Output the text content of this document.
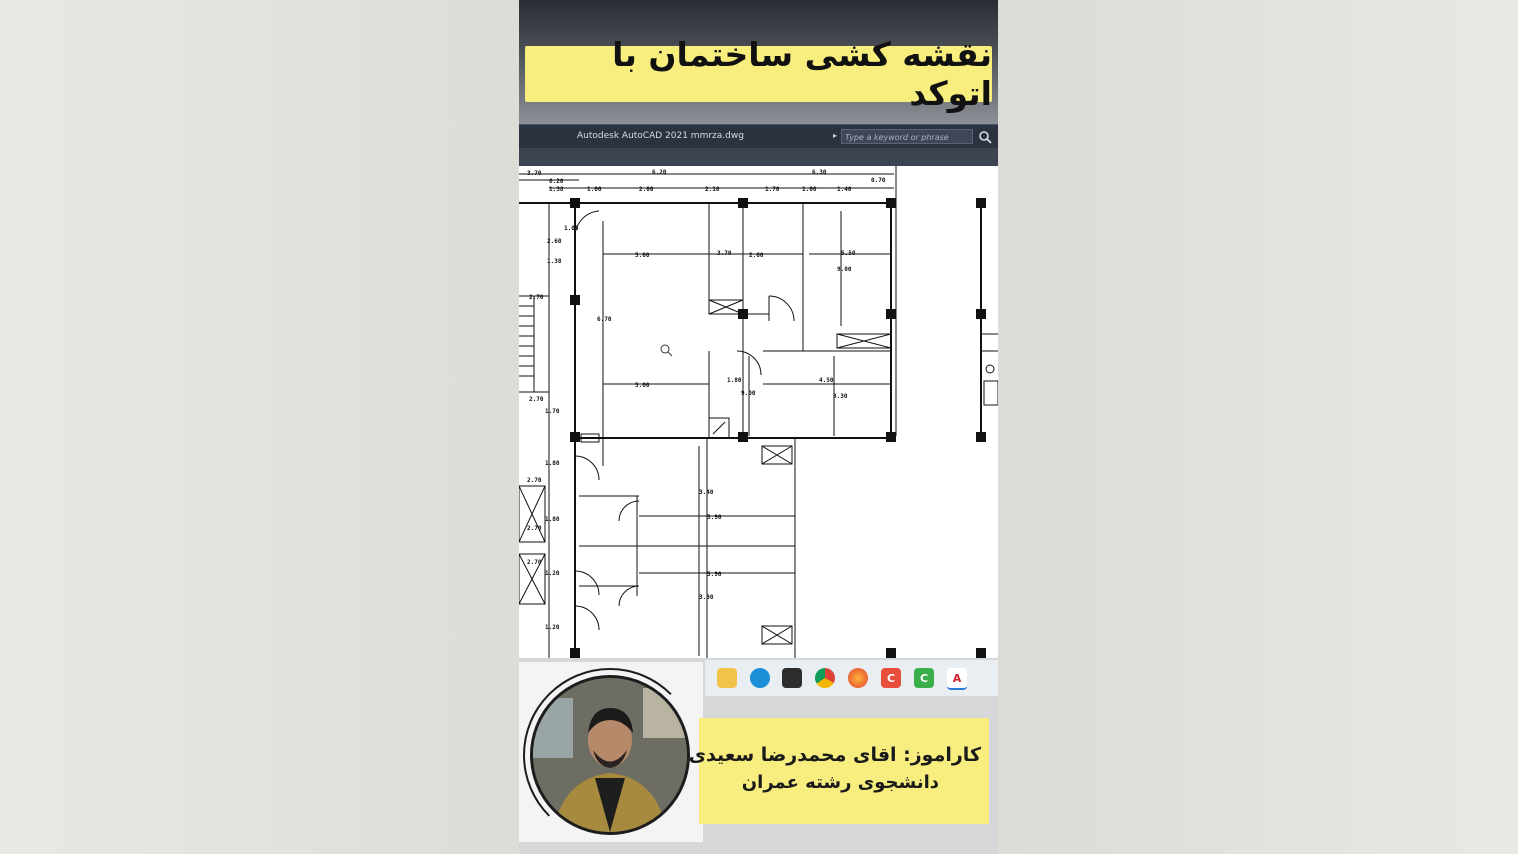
نقشه کشی ساختمان با اتوکد
Autodesk AutoCAD 2021 mmrza.dwg	▸ Type a keyword or phrase
6.20	6.30
0.70
1.00	2.00	2.10	1.70	1.00	1.40
3.70
6.20
1.38
2.60
1.00
1.38
2.70
2.70
1.70
1.80
2.70
1.80
2.70
1.20
2.70
1.20
5.00	3.70	2.60	5.50
9.00
6.70
5.00
1.80
9.00
4.50
3.30
3.40
5.90
5.90
3.30
C	C	A
کاراموز: اقای محمدرضا سعیدی
دانشجوی رشته عمران
